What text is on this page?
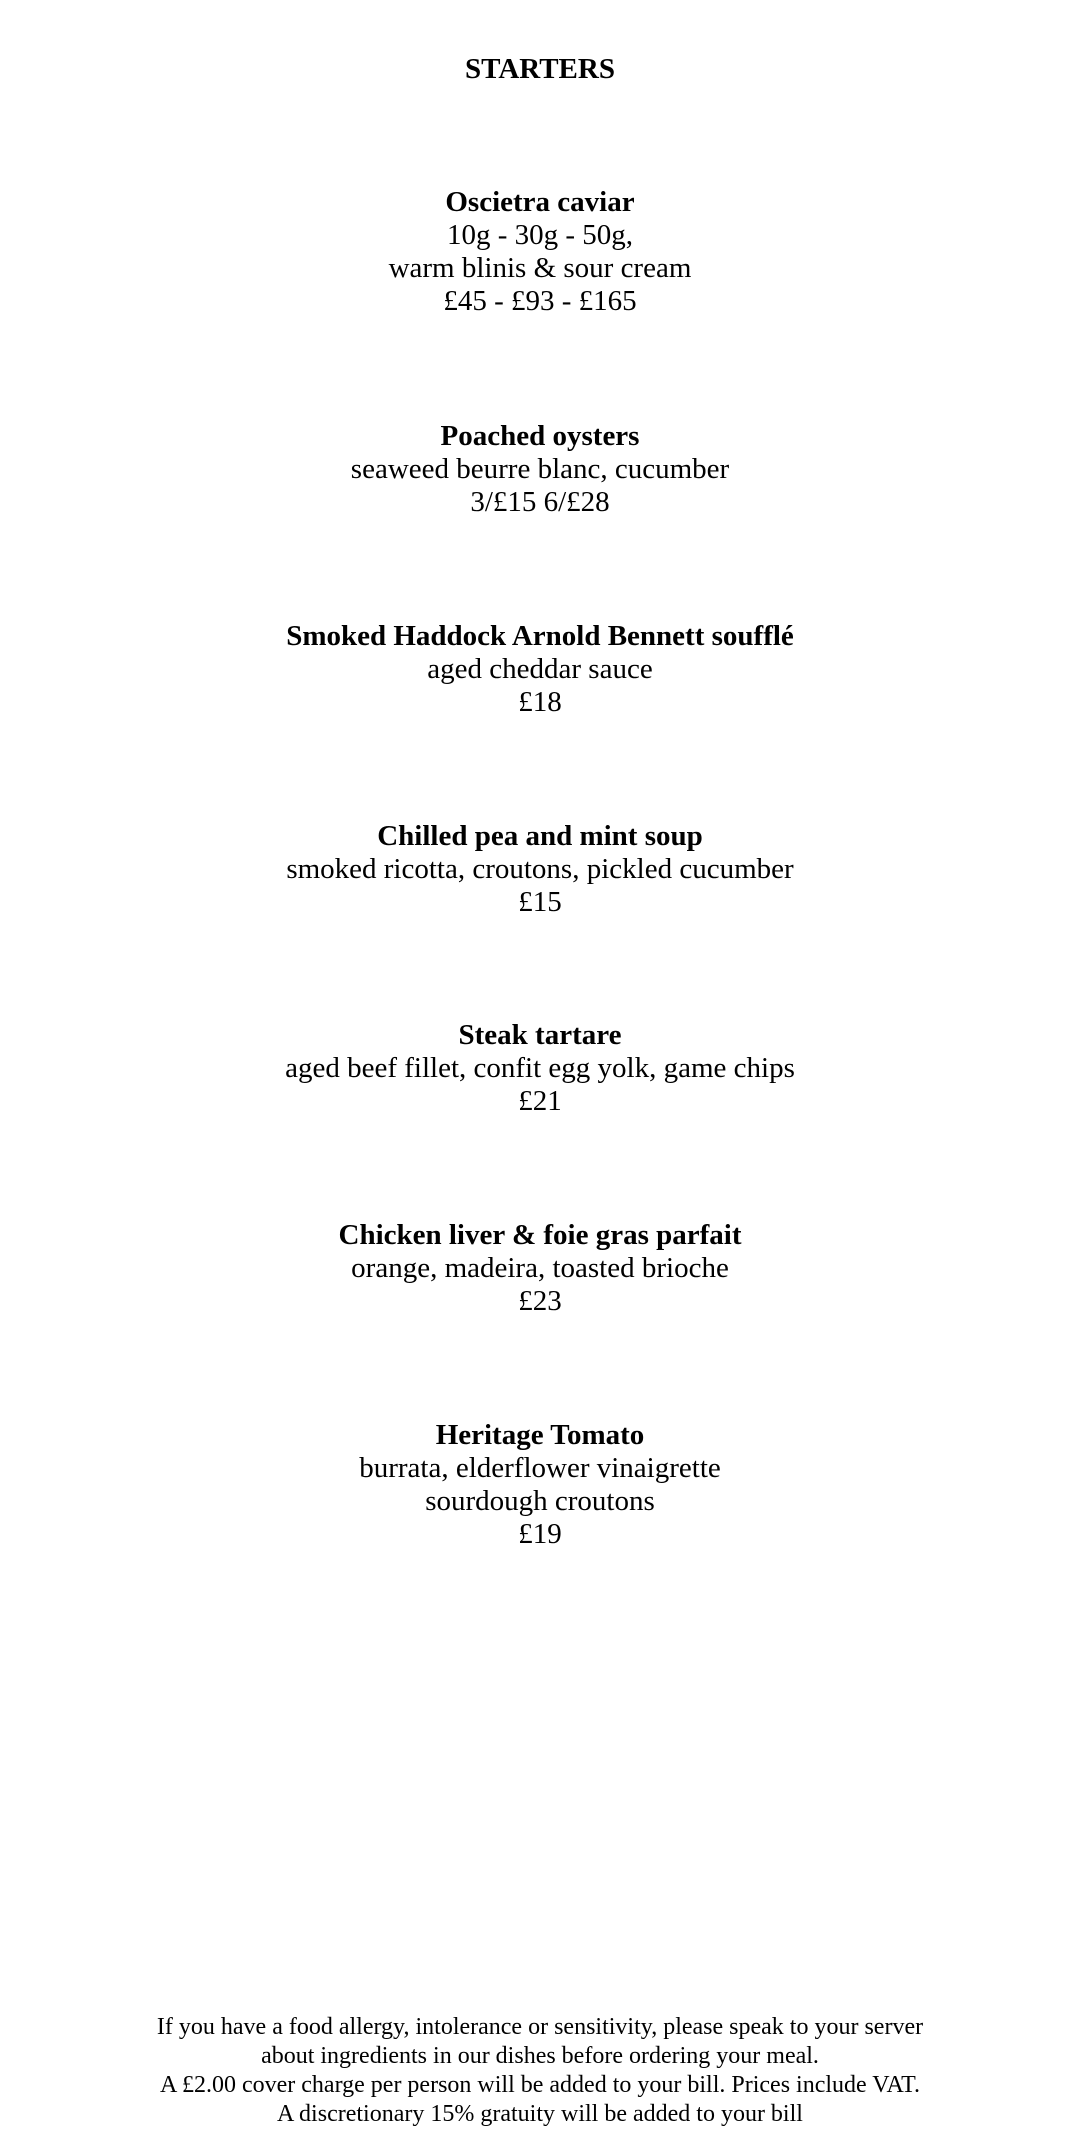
STARTERS
Oscietra caviar
10g - 30g - 50g,
warm blinis & sour cream
£45 - £93 - £165
Poached oysters
seaweed beurre blanc, cucumber
3/£15 6/£28
Smoked Haddock Arnold Bennett soufflé
aged cheddar sauce
£18
Chilled pea and mint soup
smoked ricotta, croutons, pickled cucumber
£15
Steak tartare
aged beef fillet, confit egg yolk, game chips
£21
Chicken liver & foie gras parfait
orange, madeira, toasted brioche
£23
Heritage Tomato
burrata, elderflower vinaigrette
sourdough croutons
£19
If you have a food allergy, intolerance or sensitivity, please speak to your server
about ingredients in our dishes before ordering your meal.
A £2.00 cover charge per person will be added to your bill. Prices include VAT.
A discretionary 15% gratuity will be added to your bill
